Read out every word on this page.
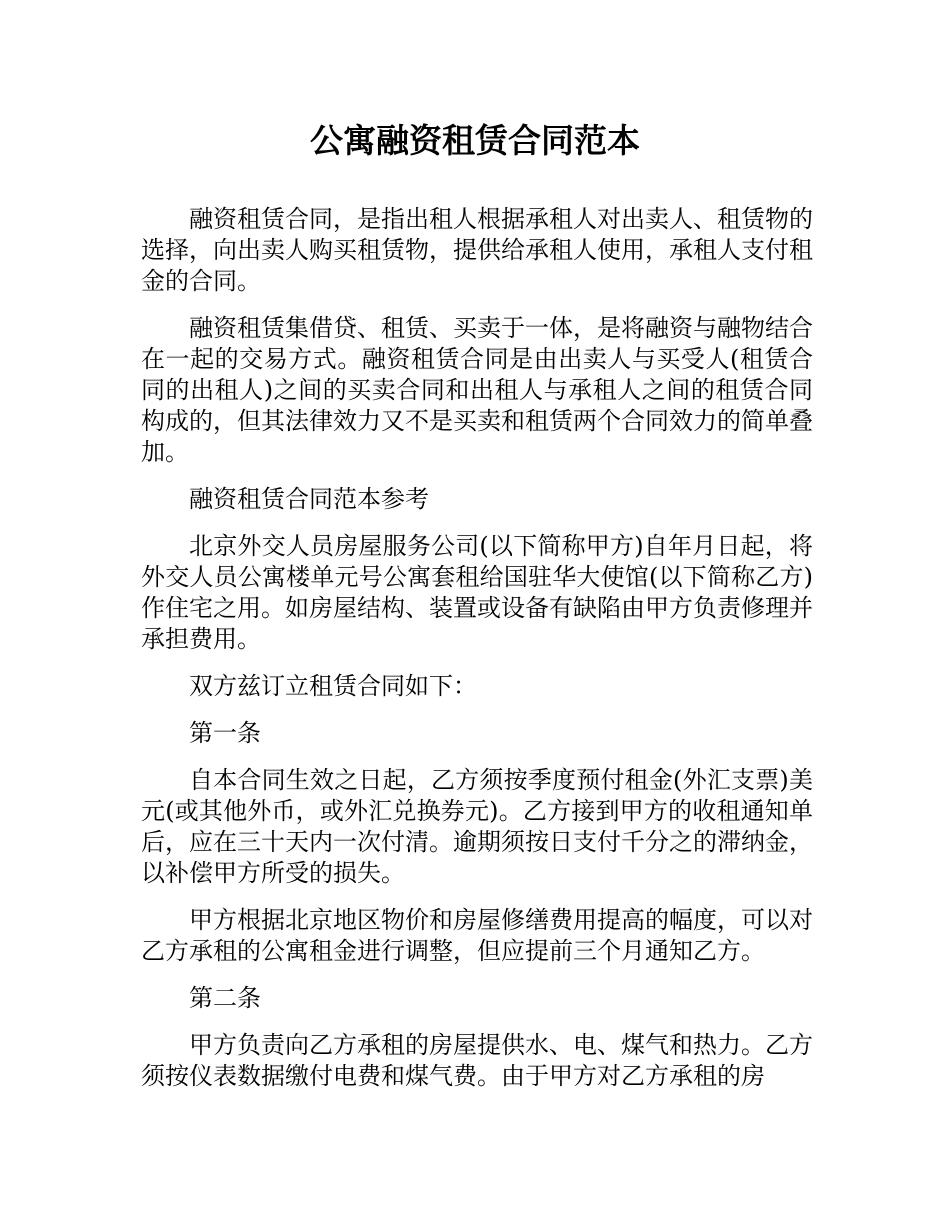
公寓融资租赁合同范本

融资租赁合同，是指出租人根据承租人对出卖人、租赁物的选择，向出卖人购买租赁物，提供给承租人使用，承租人支付租金的合同。

融资租赁集借贷、租赁、买卖于一体，是将融资与融物结合在一起的交易方式。融资租赁合同是由出卖人与买受人(租赁合同的出租人)之间的买卖合同和出租人与承租人之间的租赁合同构成的，但其法律效力又不是买卖和租赁两个合同效力的简单叠加。

融资租赁合同范本参考

北京外交人员房屋服务公司(以下简称甲方)自年月日起，将外交人员公寓楼单元号公寓套租给国驻华大使馆(以下简称乙方)作住宅之用。如房屋结构、装置或设备有缺陷由甲方负责修理并承担费用。

双方兹订立租赁合同如下：

第一条

自本合同生效之日起，乙方须按季度预付租金(外汇支票)美元(或其他外币，或外汇兑换券元)。乙方接到甲方的收租通知单后，应在三十天内一次付清。逾期须按日支付千分之的滞纳金，以补偿甲方所受的损失。

甲方根据北京地区物价和房屋修缮费用提高的幅度，可以对乙方承租的公寓租金进行调整，但应提前三个月通知乙方。

第二条

甲方负责向乙方承租的房屋提供水、电、煤气和热力。乙方须按仪表数据缴付电费和煤气费。由于甲方对乙方承租的房
